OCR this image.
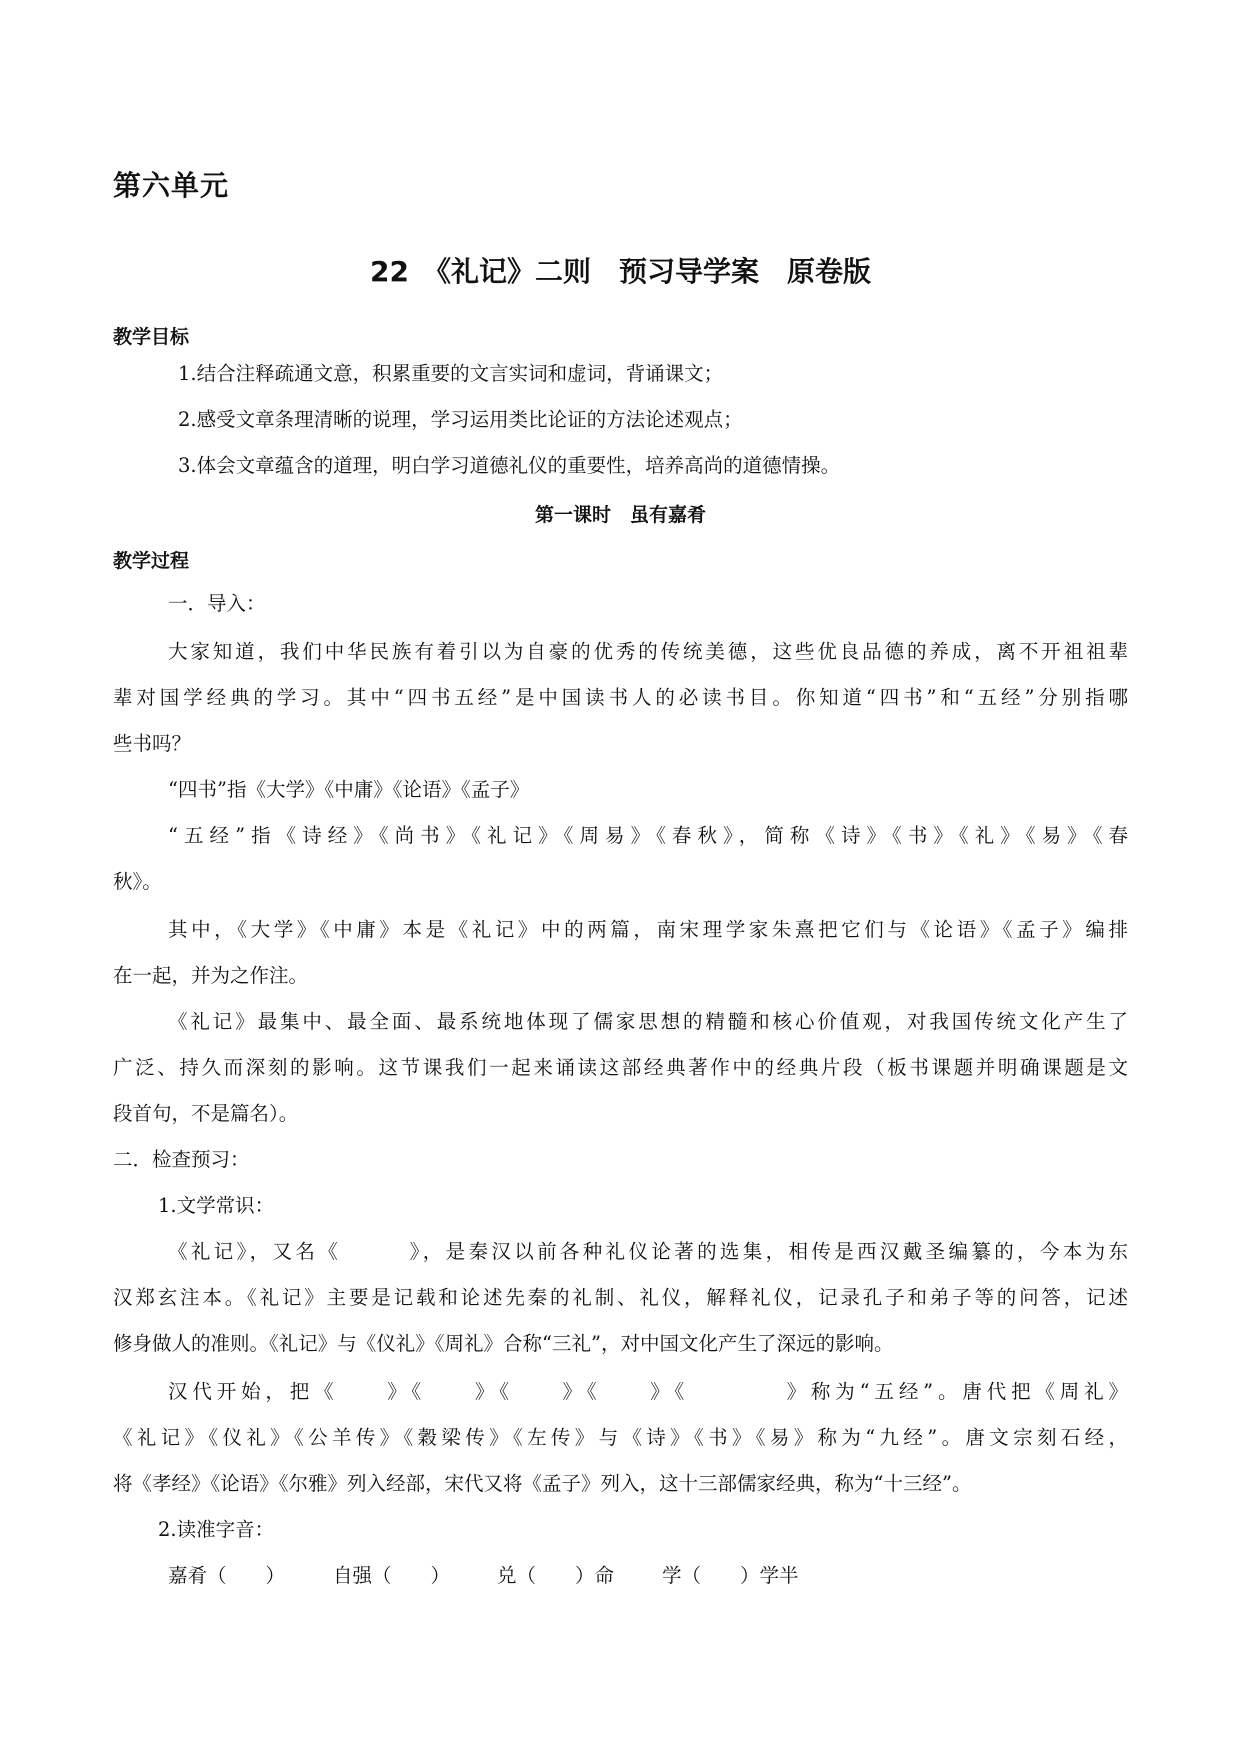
第六单元
22　《礼记》二则　预习导学案　原卷版
教学目标
1.结合注释疏通文意，积累重要的文言实词和虚词，背诵课文；
2.感受文章条理清晰的说理，学习运用类比论证的方法论述观点；
3.体会文章蕴含的道理，明白学习道德礼仪的重要性，培养高尚的道德情操。
第一课时　虽有嘉肴
教学过程
一．导入：
大家知道，我们中华民族有着引以为自豪的优秀的传统美德，这些优良品德的养成，离不开祖祖辈
辈对国学经典的学习。其中“四书五经”是中国读书人的必读书目。你知道“四书”和“五经”分别指哪
些书吗？
“四书”指《大学》《中庸》《论语》《孟子》
“五经”指《诗经》《尚书》《礼记》《周易》《春秋》，简称《诗》《书》《礼》《易》《春
秋》。
其中，《大学》《中庸》本是《礼记》中的两篇，南宋理学家朱熹把它们与《论语》《孟子》编排
在一起，并为之作注。
《礼记》最集中、最全面、最系统地体现了儒家思想的精髓和核心价值观，对我国传统文化产生了
广泛、持久而深刻的影响。这节课我们一起来诵读这部经典著作中的经典片段（板书课题并明确课题是文
段首句，不是篇名）。
二．检查预习：
1.文学常识：
《礼记》，又名《　　　》，是秦汉以前各种礼仪论著的选集，相传是西汉戴圣编纂的，今本为东
汉郑玄注本。《礼记》主要是记载和论述先秦的礼制、礼仪，解释礼仪，记录孔子和弟子等的问答，记述
修身做人的准则。《礼记》与《仪礼》《周礼》合称“三礼”，对中国文化产生了深远的影响。
汉代开始，把《　　》《　　》《　　》《　　》《　　　　》称为“五经”。唐代把《周礼》
《礼记》《仪礼》《公羊传》《穀梁传》《左传》与《诗》《书》《易》称为“九经”。唐文宗刻石经，
将《孝经》《论语》《尔雅》列入经部，宋代又将《孟子》列入，这十三部儒家经典，称为“十三经”。
2.读准字音：
嘉肴（　　） 自强（　　） 兑（　　）命 学（　　）学半
